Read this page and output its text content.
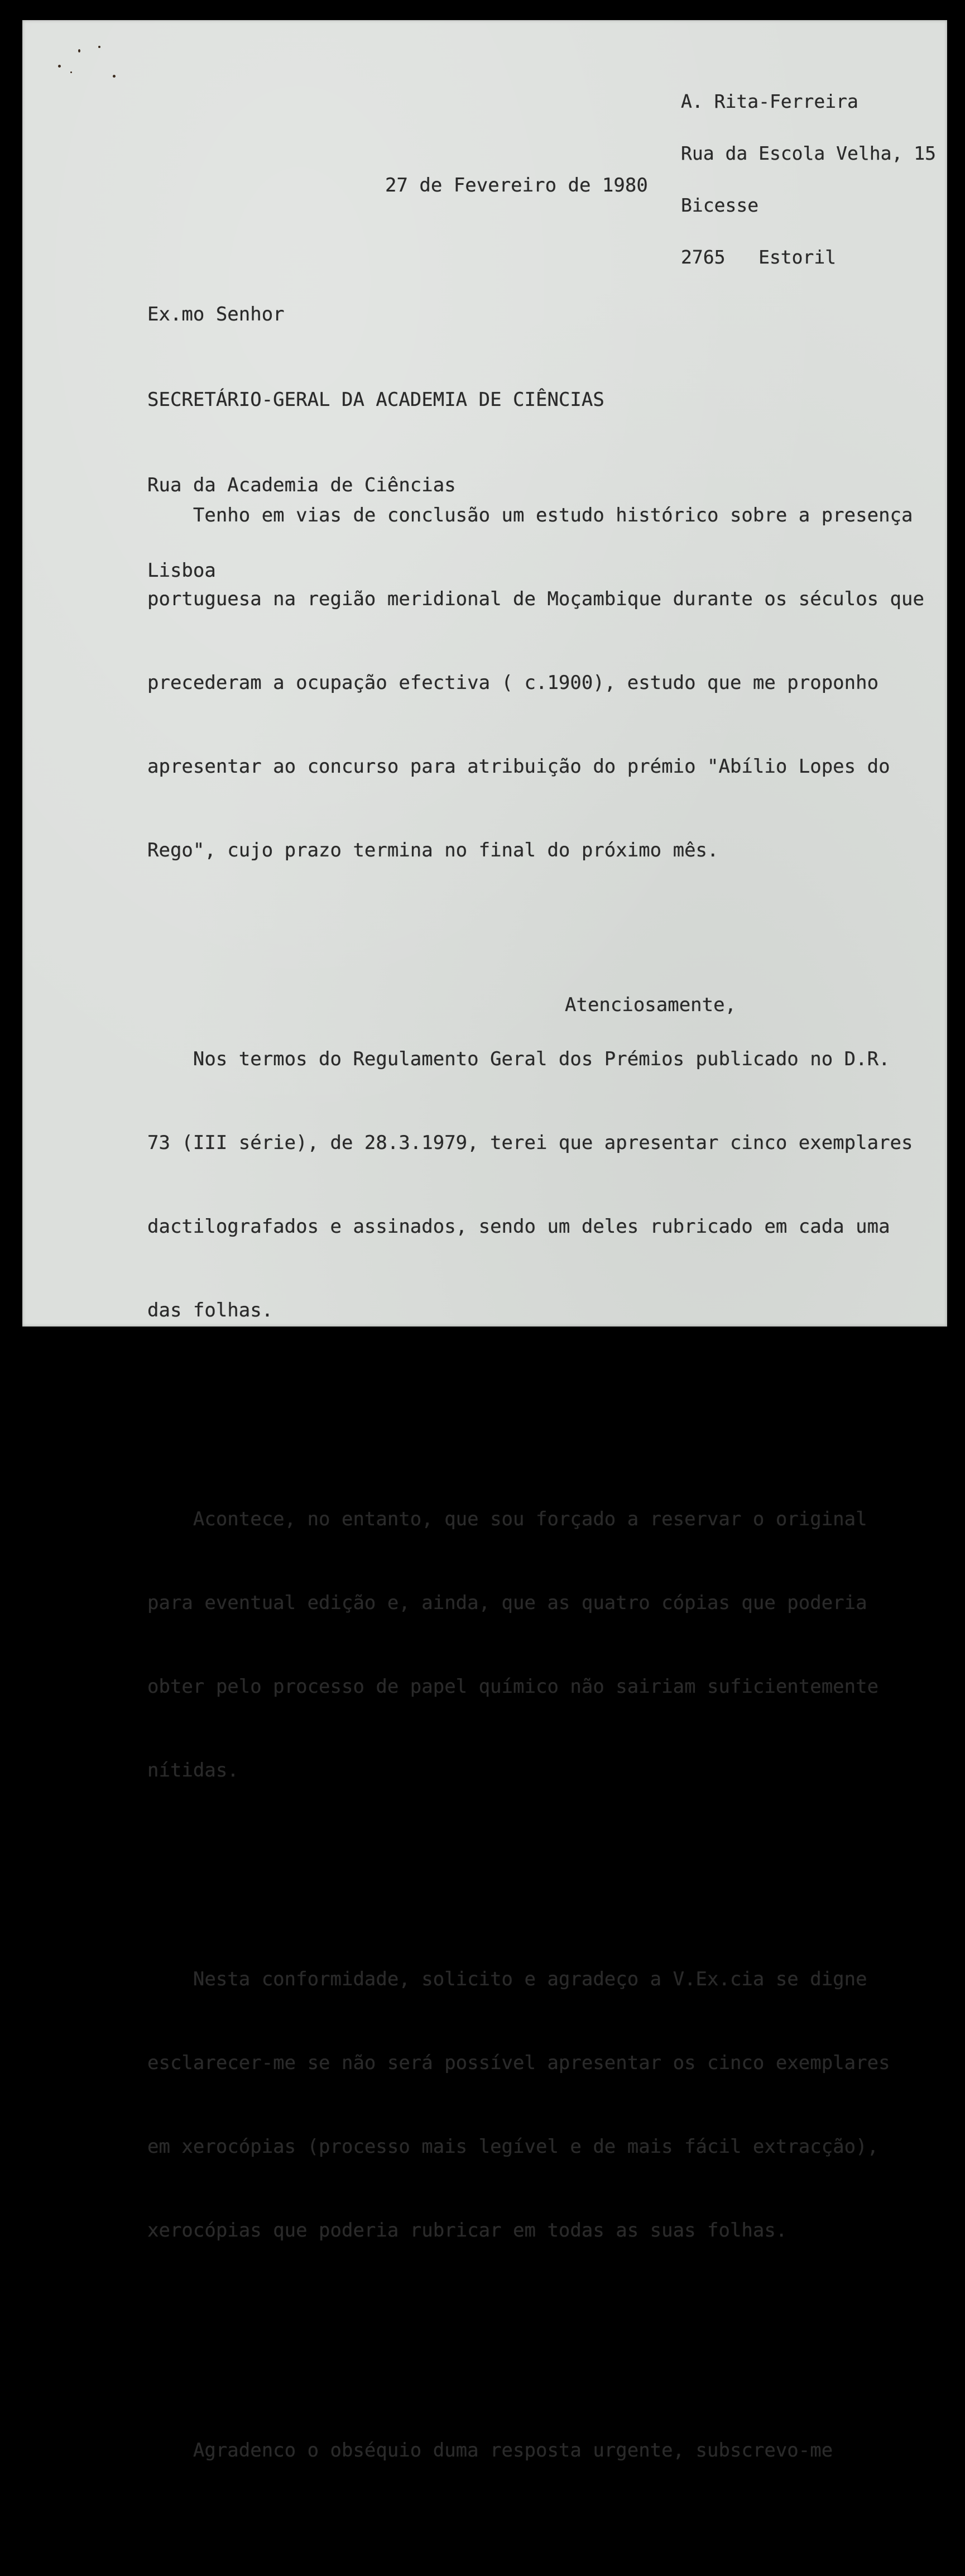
A. Rita-Ferreira

Rua da Escola Velha, 15

Bicesse

2765   Estoril

27 de Fevereiro de 1980

Ex.mo Senhor

SECRETÁRIO-GERAL DA ACADEMIA DE CIÊNCIAS

Rua da Academia de Ciências

Lisboa

Tenho em vias de conclusão um estudo histórico sobre a presença

portuguesa na região meridional de Moçambique durante os séculos que

precederam a ocupação efectiva ( c.1900), estudo que me proponho

apresentar ao concurso para atribuição do prémio "Abílio Lopes do

Rego", cujo prazo termina no final do próximo mês.

Nos termos do Regulamento Geral dos Prémios publicado no D.R.

73 (III série), de 28.3.1979, terei que apresentar cinco exemplares

dactilografados e assinados, sendo um deles rubricado em cada uma

das folhas.

Acontece, no entanto, que sou forçado a reservar o original

para eventual edição e, ainda, que as quatro cópias que poderia

obter pelo processo de papel químico não sairiam suficientemente

nítidas.

Nesta conformidade, solicito e agradeço a V.Ex.cia se digne

esclarecer-me se não será possível apresentar os cinco exemplares

em xerocópias (processo mais legível e de mais fácil extracção),

xerocópias que poderia rubricar em todas as suas folhas.

Agradenco o obséquio duma resposta urgente, subscrevo-me

Atenciosamente,
